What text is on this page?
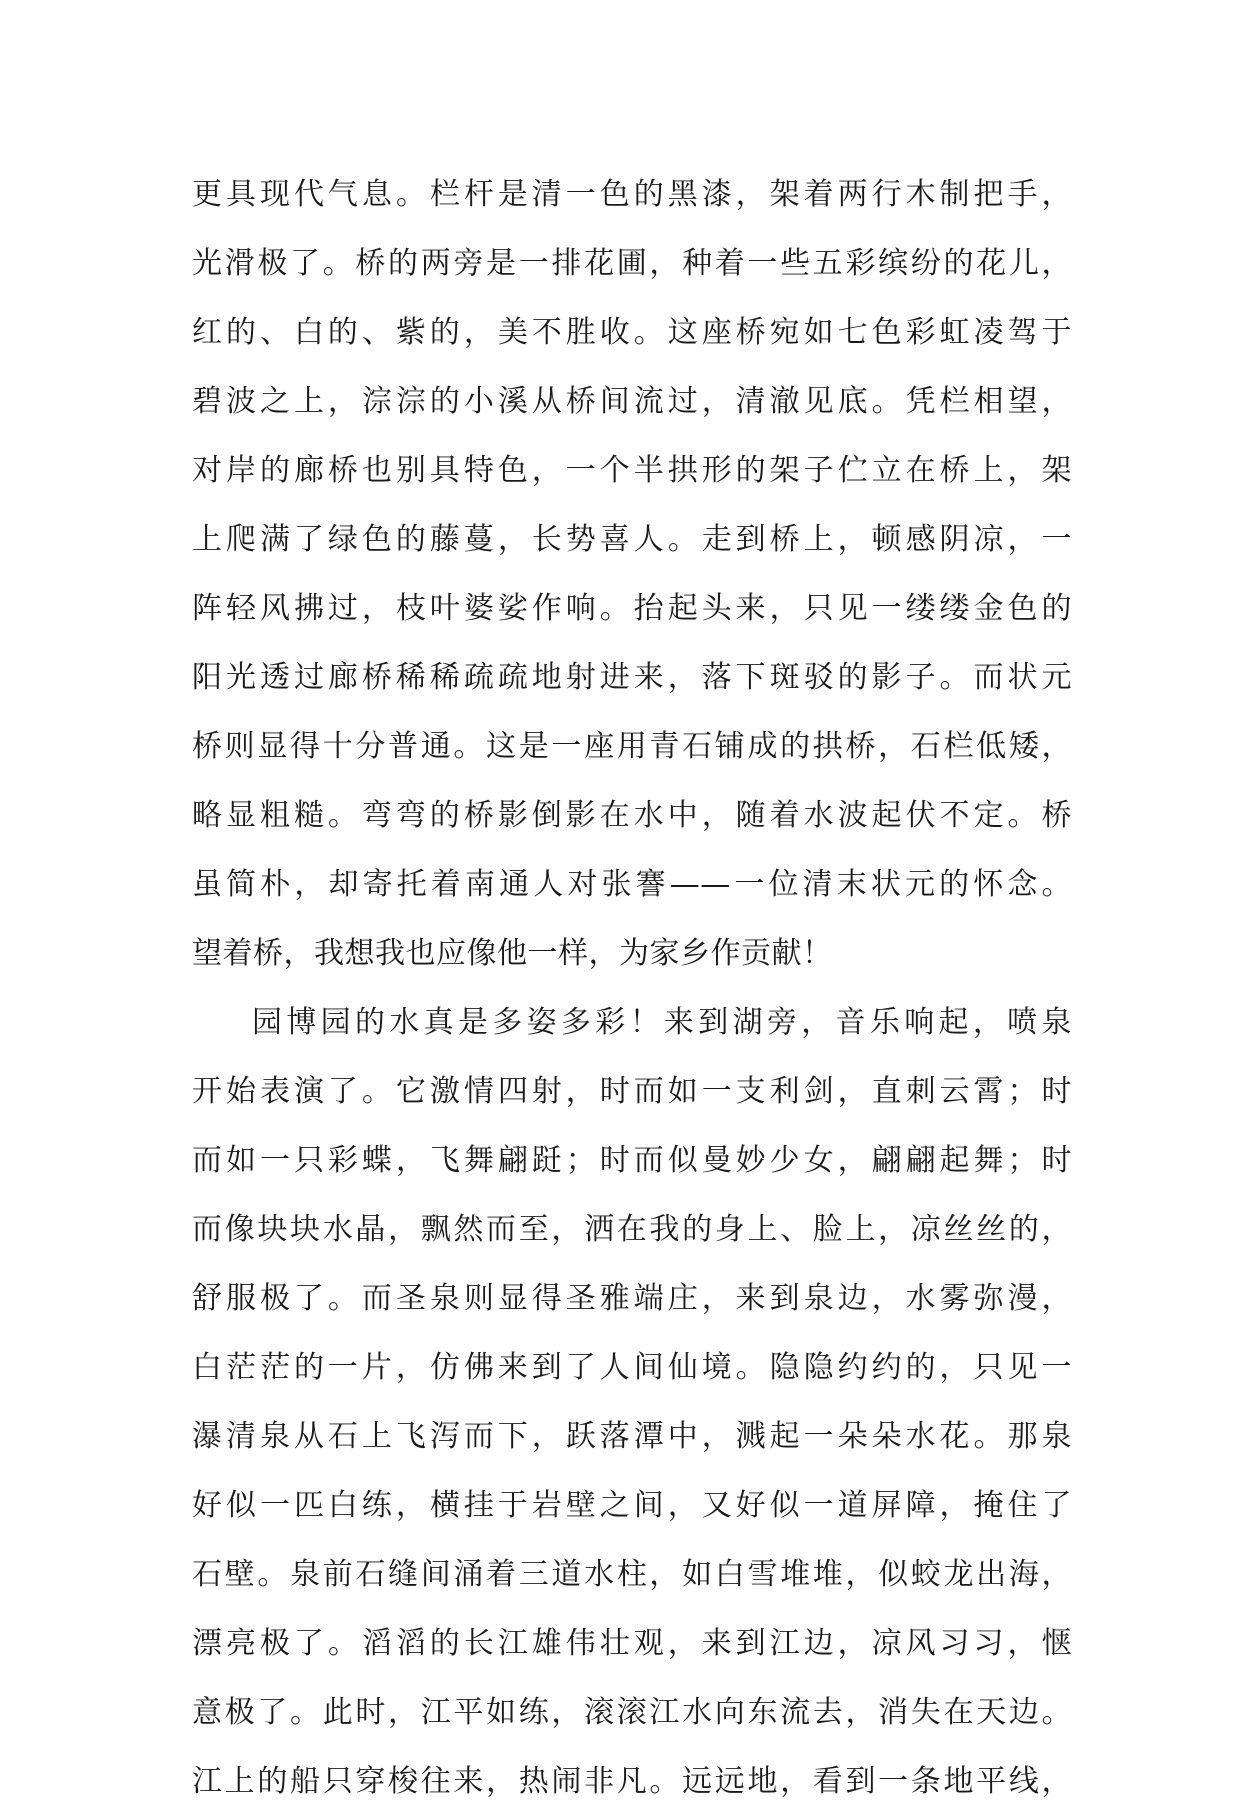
更具现代气息。栏杆是清一色的黑漆，架着两行木制把手，
光滑极了。桥的两旁是一排花圃，种着一些五彩缤纷的花儿，
红的、白的、紫的，美不胜收。这座桥宛如七色彩虹凌驾于
碧波之上，淙淙的小溪从桥间流过，清澈见底。凭栏相望，
对岸的廊桥也别具特色，一个半拱形的架子伫立在桥上，架
上爬满了绿色的藤蔓，长势喜人。走到桥上，顿感阴凉，一
阵轻风拂过，枝叶婆娑作响。抬起头来，只见一缕缕金色的
阳光透过廊桥稀稀疏疏地射进来，落下斑驳的影子。而状元
桥则显得十分普通。这是一座用青石铺成的拱桥，石栏低矮，
略显粗糙。弯弯的桥影倒影在水中，随着水波起伏不定。桥
虽简朴，却寄托着南通人对张謇——一位清末状元的怀念。
望着桥，我想我也应像他一样，为家乡作贡献！
园博园的水真是多姿多彩！来到湖旁，音乐响起，喷泉
开始表演了。它激情四射，时而如一支利剑，直刺云霄；时
而如一只彩蝶，飞舞翩跹；时而似曼妙少女，翩翩起舞；时
而像块块水晶，飘然而至，洒在我的身上、脸上，凉丝丝的，
舒服极了。而圣泉则显得圣雅端庄，来到泉边，水雾弥漫，
白茫茫的一片，仿佛来到了人间仙境。隐隐约约的，只见一
瀑清泉从石上飞泻而下，跃落潭中，溅起一朵朵水花。那泉
好似一匹白练，横挂于岩壁之间，又好似一道屏障，掩住了
石壁。泉前石缝间涌着三道水柱，如白雪堆堆，似蛟龙出海，
漂亮极了。滔滔的长江雄伟壮观，来到江边，凉风习习，惬
意极了。此时，江平如练，滚滚江水向东流去，消失在天边。
江上的船只穿梭往来，热闹非凡。远远地，看到一条地平线，
